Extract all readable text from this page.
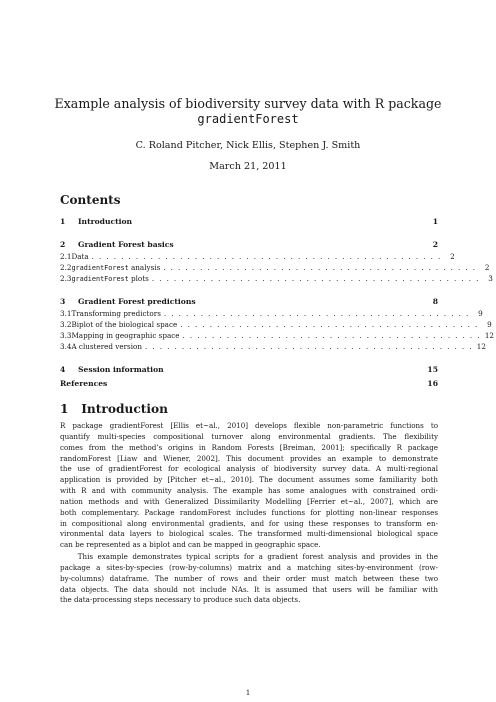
Example analysis of biodiversity survey data with R package
gradientForest
C. Roland Pitcher, Nick Ellis, Stephen J. Smith
March 21, 2011
Contents
1	Introduction	1
2	Gradient Forest basics	2
2.1 Data . . . . . . . . . . . . . . . . . . . . . . . . . . . . . . . . . . . . . . . . . . . . . . . .	2
2.2 gradientForest analysis . . . . . . . . . . . . . . . . . . . . . . . . . . . . . . . . . . . . . . . . . . .	2
2.3 gradientForest plots . . . . . . . . . . . . . . . . . . . . . . . . . . . . . . . . . . . . . . . . . . . . .	3
3	Gradient Forest predictions	8
3.1 Transforming predictors . . . . . . . . . . . . . . . . . . . . . . . . . . . . . . . . . . . . . . . . . .	9
3.2 Biplot of the biological space . . . . . . . . . . . . . . . . . . . . . . . . . . . . . . . . . . . . . . . . .	9
3.3 Mapping in geographic space . . . . . . . . . . . . . . . . . . . . . . . . . . . . . . . . . . . . . . . . . 12
3.4 A clustered version . . . . . . . . . . . . . . . . . . . . . . . . . . . . . . . . . . . . . . . . . . . . . 12
4	Session information	15
References	16
1   Introduction
R package gradientForest [Ellis et~al., 2010] develops flexible non-parametric functions to
quantify multi-species compositional turnover along environmental gradients. The flexibility
comes from the method’s origins in Random Forests [Breiman, 2001]; specifically R package
randomForest [Liaw and Wiener, 2002]. This document provides an example to demonstrate
the use of gradientForest for ecological analysis of biodiversity survey data. A multi-regional
application is provided by [Pitcher et~al., 2010]. The document assumes some familiarity both
with R and with community analysis. The example has some analogues with constrained ordi-
nation methods and with Generalized Dissimilarity Modelling [Ferrier et~al., 2007], which are
both complementary. Package randomForest includes functions for plotting non-linear responses
in compositional along environmental gradients, and for using these responses to transform en-
vironmental data layers to biological scales. The transformed multi-dimensional biological space
can be represented as a biplot and can be mapped in geographic space.
This example demonstrates typical scripts for a gradient forest analysis and provides in the
package a sites-by-species (row-by-columns) matrix and a matching sites-by-environment (row-
by-columns) dataframe. The number of rows and their order must match between these two
data objects. The data should not include NAs. It is assumed that users will be familiar with
the data-processing steps necessary to produce such data objects.
1
